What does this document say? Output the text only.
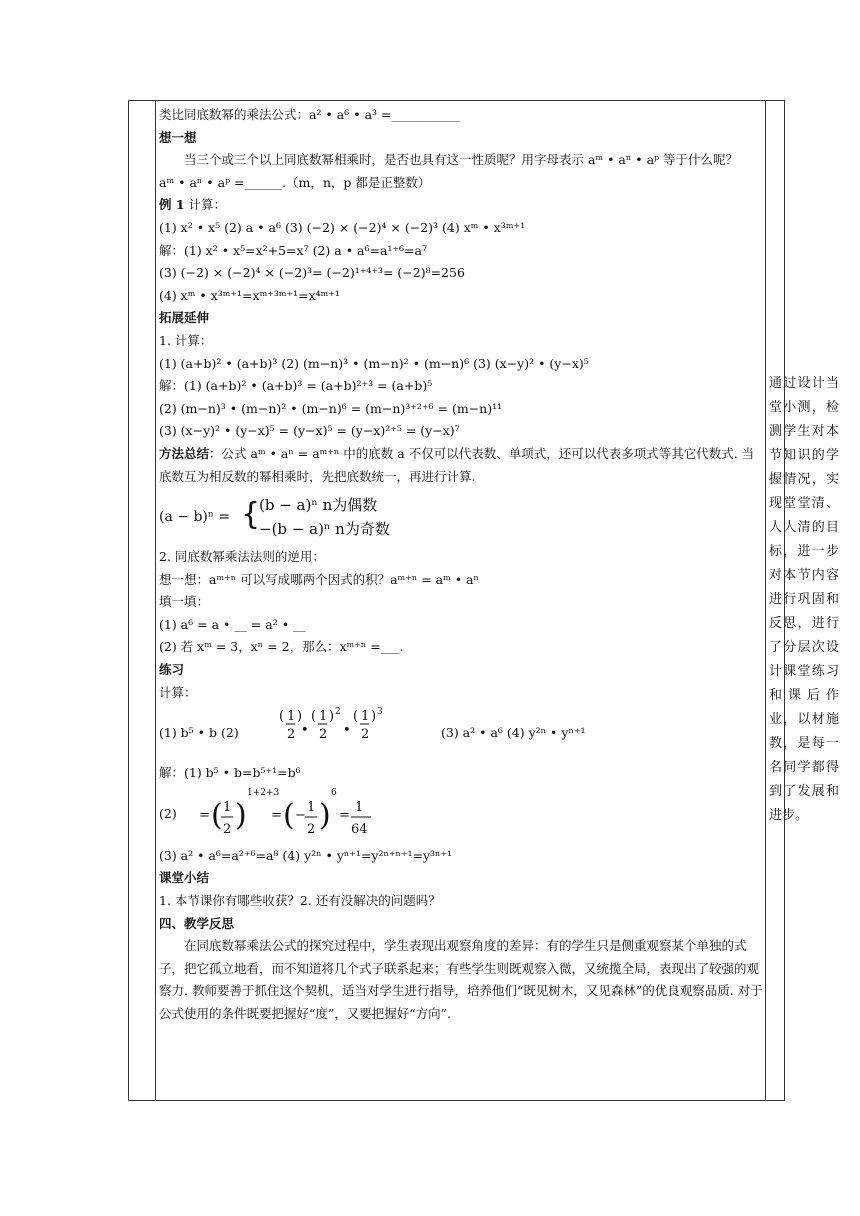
类比同底数幂的乘法公式：a² • a⁶ • a³ =___________
想一想
当三个或三个以上同底数幂相乘时，是否也具有这一性质呢？用字母表示 aᵐ • aⁿ • aᵖ 等于什么呢？
aᵐ • aⁿ • aᵖ =______.（m，n，p 都是正整数）
例 1 计算：
(1) x² • x⁵ (2) a • a⁶ (3) (−2) × (−2)⁴ × (−2)³ (4) xᵐ • x³ᵐ⁺¹
解：(1) x² • x⁵=x²+5=x⁷ (2) a • a⁶=a¹⁺⁶=a⁷
(3) (−2) × (−2)⁴ × (−2)³= (−2)¹⁺⁴⁺³= (−2)⁸=256
(4) xᵐ • x³ᵐ⁺¹=xᵐ⁺³ᵐ⁺¹=x⁴ᵐ⁺¹
拓展延伸
1. 计算：
(1) (a+b)² • (a+b)³ (2) (m−n)³ • (m−n)² • (m−n)⁶ (3) (x−y)² • (y−x)⁵
解：(1) (a+b)² • (a+b)³ = (a+b)²⁺³ = (a+b)⁵
(2) (m−n)³ • (m−n)² • (m−n)⁶ = (m−n)³⁺²⁺⁶ = (m−n)¹¹
(3) (x−y)² • (y−x)⁵ = (y−x)⁵ = (y−x)²⁺⁵ = (y−x)⁷
方法总结：公式 aᵐ • aⁿ = aᵐ⁺ⁿ 中的底数 a 不仅可以代表数、单项式，还可以代表多项式等其它代数式. 当底数互为相反数的幂相乘时，先把底数统一，再进行计算.
(a − b)ⁿ = {
(b − a)ⁿ n为偶数
−(b − a)ⁿ n为奇数
2. 同底数幂乘法法则的逆用：
想一想：aᵐ⁺ⁿ 可以写成哪两个因式的积？aᵐ⁺ⁿ = aᵐ • aⁿ
填一填：
(1) a⁶ = a • __ = a² • __
(2) 若 xᵐ = 3，xⁿ = 2，那么：xᵐ⁺ⁿ =___.
练习
计算：
(1) b⁵ • b (2)
( 1
2
)
•
( 1
2
) 2
•
( 1
2
) 3
(3) a² • a⁶ (4) y²ⁿ • yⁿ⁺¹
解：(1) b⁵ • b=b⁵⁺¹=b⁶
(2) = ( 1
2 )
1+2+3
= ( −
1
2 )
6
=
1
64
(3) a² • a⁶=a²⁺⁶=a⁸ (4) y²ⁿ • yⁿ⁺¹=y²ⁿ⁺ⁿ⁺¹=y³ⁿ⁺¹
课堂小结
1. 本节课你有哪些收获？2. 还有没解决的问题吗？
四、教学反思
在同底数幂乘法公式的探究过程中，学生表现出观察角度的差异：有的学生只是侧重观察某个单独的式子，把它孤立地看，而不知道将几个式子联系起来；有些学生则既观察入微，又统揽全局，表现出了较强的观察力. 教师要善于抓住这个契机，适当对学生进行指导，培养他们“既见树木，又见森林”的优良观察品质. 对于公式使用的条件既要把握好“度”，又要把握好“方向”.
通过设计当堂小测，检测学生对本节知识的学握情况，实现堂堂清、人人清的目标，进一步对本节内容进行巩固和反思，进行了分层次设计课堂练习和课后作业，以材施教，是每一名同学都得到了发展和进步。
